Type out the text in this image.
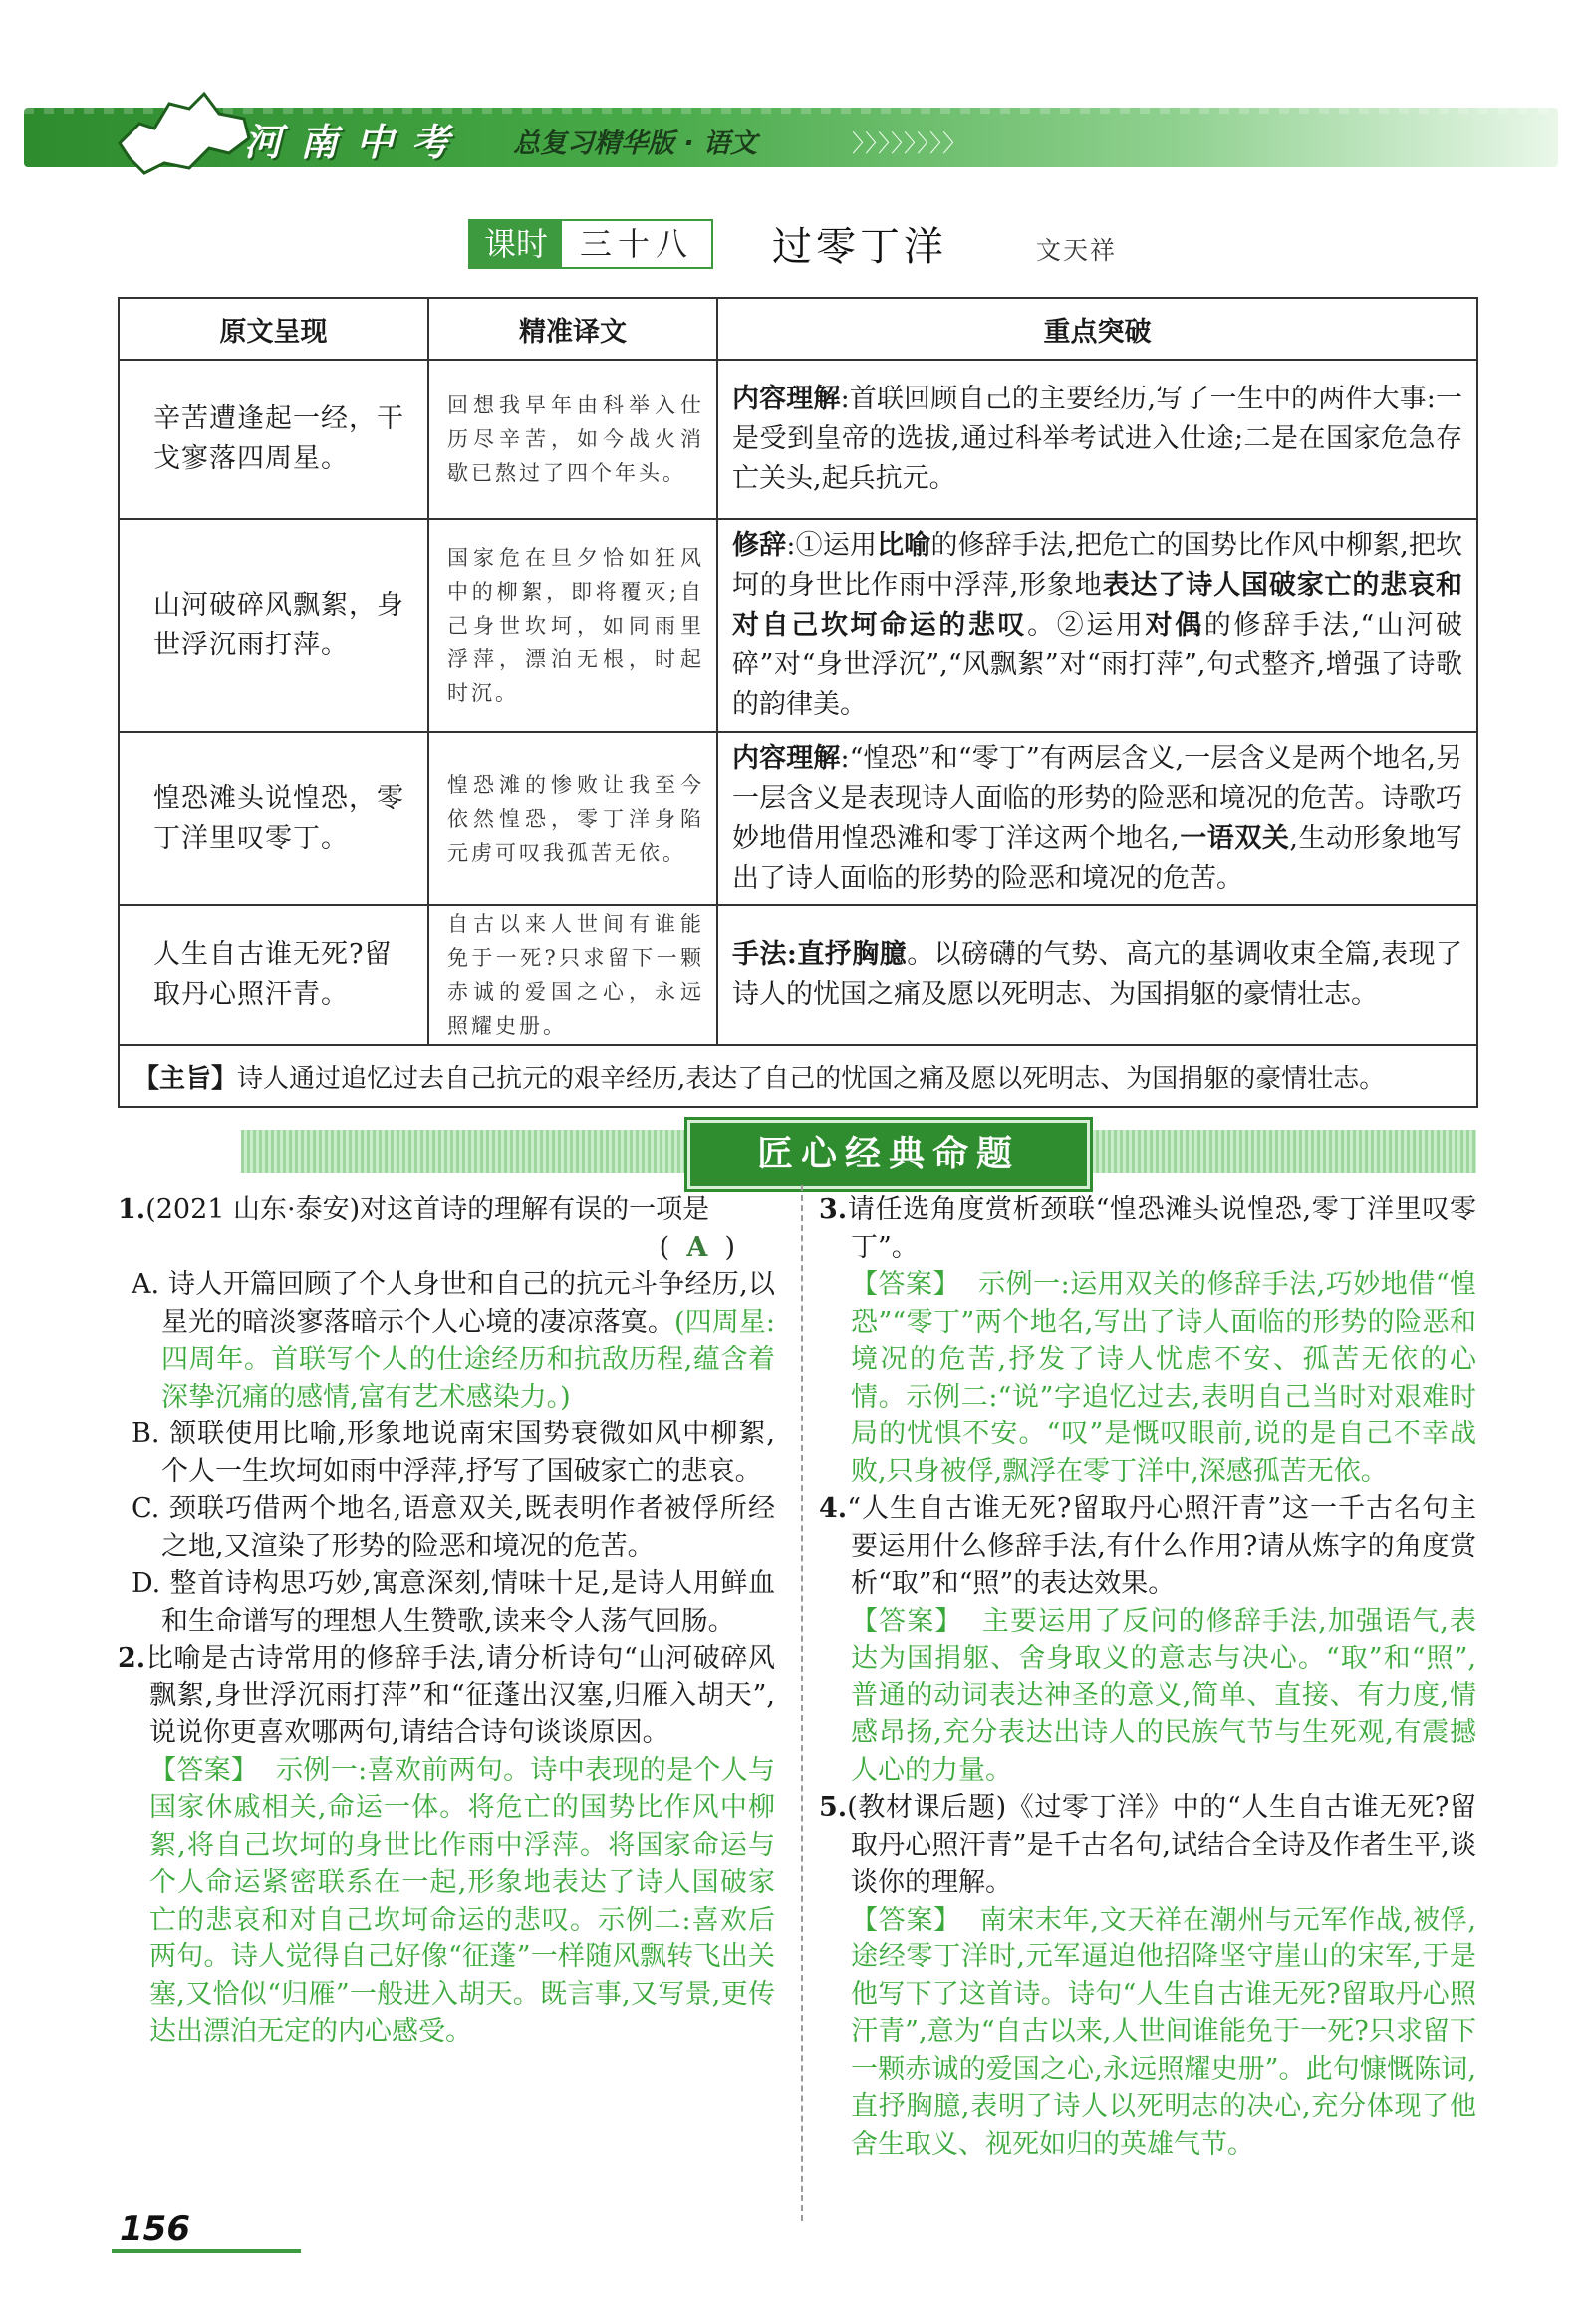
河南中考 总复习精华版 · 语文	〉〉〉〉〉〉〉〉
课时	三十八	过零丁洋	文天祥
原文呈现	精准译文	重点突破
辛苦遭逢起一经，干戈寥落四周星。	回想我早年由科举入仕历尽辛苦，如今战火消歇已熬过了四个年头。	内容理解:首联回顾自己的主要经历,写了一生中的两件大事:一是受到皇帝的选拔,通过科举考试进入仕途;二是在国家危急存亡关头,起兵抗元。
山河破碎风飘絮，身世浮沉雨打萍。	国家危在旦夕恰如狂风中的柳絮，即将覆灭;自己身世坎坷，如同雨里浮萍，漂泊无根，时起时沉。	修辞:①运用比喻的修辞手法,把危亡的国势比作风中柳絮,把坎坷的身世比作雨中浮萍,形象地表达了诗人国破家亡的悲哀和对自己坎坷命运的悲叹。②运用对偶的修辞手法,“山河破碎”对“身世浮沉”,“风飘絮”对“雨打萍”,句式整齐,增强了诗歌的韵律美。
惶恐滩头说惶恐，零丁洋里叹零丁。	惶恐滩的惨败让我至今依然惶恐，零丁洋身陷元虏可叹我孤苦无依。	内容理解:“惶恐”和“零丁”有两层含义,一层含义是两个地名,另一层含义是表现诗人面临的形势的险恶和境况的危苦。诗歌巧妙地借用惶恐滩和零丁洋这两个地名,一语双关,生动形象地写出了诗人面临的形势的险恶和境况的危苦。
人生自古谁无死?留取丹心照汗青。	自古以来人世间有谁能免于一死?只求留下一颗赤诚的爱国之心，永远照耀史册。	手法:直抒胸臆。以磅礴的气势、高亢的基调收束全篇,表现了诗人的忧国之痛及愿以死明志、为国捐躯的豪情壮志。
【主旨】诗人通过追忆过去自己抗元的艰辛经历,表达了自己的忧国之痛及愿以死明志、为国捐躯的豪情壮志。		
匠心经典命题

1.(2021 山东·泰安)对这首诗的理解有误的一项是

( A )

A. 诗人开篇回顾了个人身世和自己的抗元斗争经历,以星光的暗淡寥落暗示个人心境的凄凉落寞。(四周星:四周年。首联写个人的仕途经历和抗敌历程,蕴含着深挚沉痛的感情,富有艺术感染力。)

B. 颔联使用比喻,形象地说南宋国势衰微如风中柳絮,个人一生坎坷如雨中浮萍,抒写了国破家亡的悲哀。

C. 颈联巧借两个地名,语意双关,既表明作者被俘所经之地,又渲染了形势的险恶和境况的危苦。

D. 整首诗构思巧妙,寓意深刻,情味十足,是诗人用鲜血和生命谱写的理想人生赞歌,读来令人荡气回肠。

2.比喻是古诗常用的修辞手法,请分析诗句“山河破碎风飘絮,身世浮沉雨打萍”和“征蓬出汉塞,归雁入胡天”,说说你更喜欢哪两句,请结合诗句谈谈原因。

【答案】 示例一:喜欢前两句。诗中表现的是个人与国家休戚相关,命运一体。将危亡的国势比作风中柳絮,将自己坎坷的身世比作雨中浮萍。将国家命运与个人命运紧密联系在一起,形象地表达了诗人国破家亡的悲哀和对自己坎坷命运的悲叹。示例二:喜欢后两句。诗人觉得自己好像“征蓬”一样随风飘转飞出关塞,又恰似“归雁”一般进入胡天。既言事,又写景,更传达出漂泊无定的内心感受。

3.请任选角度赏析颈联“惶恐滩头说惶恐,零丁洋里叹零丁”。

【答案】 示例一:运用双关的修辞手法,巧妙地借“惶恐”“零丁”两个地名,写出了诗人面临的形势的险恶和境况的危苦,抒发了诗人忧虑不安、孤苦无依的心情。示例二:“说”字追忆过去,表明自己当时对艰难时局的忧惧不安。“叹”是慨叹眼前,说的是自己不幸战败,只身被俘,飘浮在零丁洋中,深感孤苦无依。

4.“人生自古谁无死?留取丹心照汗青”这一千古名句主要运用什么修辞手法,有什么作用?请从炼字的角度赏析“取”和“照”的表达效果。

【答案】 主要运用了反问的修辞手法,加强语气,表达为国捐躯、舍身取义的意志与决心。“取”和“照”,普通的动词表达神圣的意义,简单、直接、有力度,情感昂扬,充分表达出诗人的民族气节与生死观,有震撼人心的力量。

5.(教材课后题)《过零丁洋》中的“人生自古谁无死?留取丹心照汗青”是千古名句,试结合全诗及作者生平,谈谈你的理解。

【答案】 南宋末年,文天祥在潮州与元军作战,被俘,途经零丁洋时,元军逼迫他招降坚守崖山的宋军,于是他写下了这首诗。诗句“人生自古谁无死?留取丹心照汗青”,意为“自古以来,人世间谁能免于一死?只求留下一颗赤诚的爱国之心,永远照耀史册”。此句慷慨陈词,直抒胸臆,表明了诗人以死明志的决心,充分体现了他舍生取义、视死如归的英雄气节。

156
